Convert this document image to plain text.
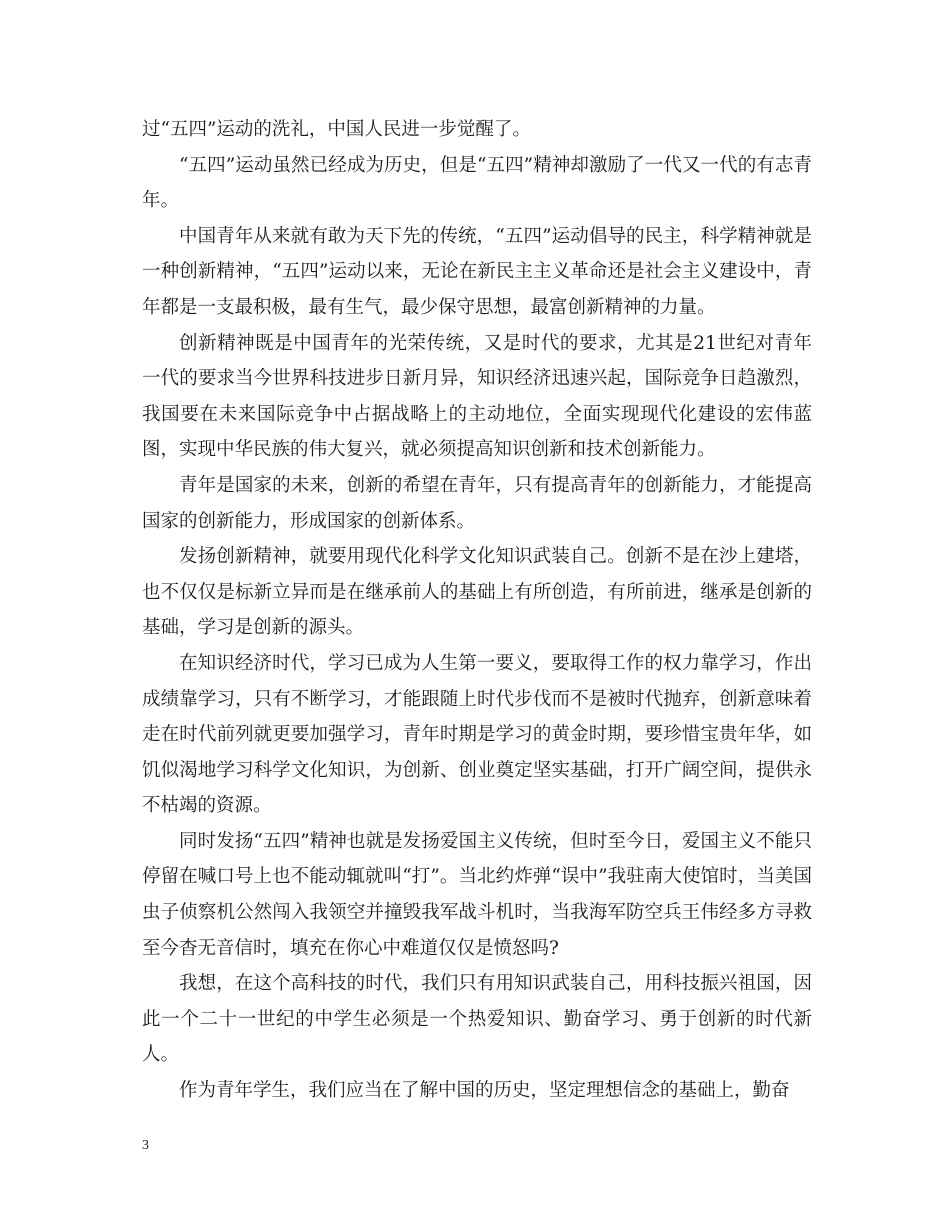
过“五四”运动的洗礼，中国人民进一步觉醒了。

“五四”运动虽然已经成为历史，但是“五四”精神却激励了一代又一代的有志青年。

中国青年从来就有敢为天下先的传统，“五四”运动倡导的民主，科学精神就是一种创新精神，“五四”运动以来，无论在新民主主义革命还是社会主义建设中，青年都是一支最积极，最有生气，最少保守思想，最富创新精神的力量。

创新精神既是中国青年的光荣传统，又是时代的要求，尤其是21世纪对青年一代的要求当今世界科技进步日新月异，知识经济迅速兴起，国际竞争日趋激烈，我国要在未来国际竞争中占据战略上的主动地位，全面实现现代化建设的宏伟蓝图，实现中华民族的伟大复兴，就必须提高知识创新和技术创新能力。

青年是国家的未来，创新的希望在青年，只有提高青年的创新能力，才能提高国家的创新能力，形成国家的创新体系。

发扬创新精神，就要用现代化科学文化知识武装自己。创新不是在沙上建塔，也不仅仅是标新立异而是在继承前人的基础上有所创造，有所前进，继承是创新的基础，学习是创新的源头。

在知识经济时代，学习已成为人生第一要义，要取得工作的权力靠学习，作出成绩靠学习，只有不断学习，才能跟随上时代步伐而不是被时代抛弃，创新意味着走在时代前列就更要加强学习，青年时期是学习的黄金时期，要珍惜宝贵年华，如饥似渴地学习科学文化知识，为创新、创业奠定坚实基础，打开广阔空间，提供永不枯竭的资源。

同时发扬“五四”精神也就是发扬爱国主义传统，但时至今日，爱国主义不能只停留在喊口号上也不能动辄就叫“打”。当北约炸弹“误中”我驻南大使馆时，当美国虫子侦察机公然闯入我领空并撞毁我军战斗机时，当我海军防空兵王伟经多方寻救至今杳无音信时，填充在你心中难道仅仅是愤怒吗?

我想，在这个高科技的时代，我们只有用知识武装自己，用科技振兴祖国，因此一个二十一世纪的中学生必须是一个热爱知识、勤奋学习、勇于创新的时代新人。

作为青年学生，我们应当在了解中国的历史，坚定理想信念的基础上，勤奋

3
